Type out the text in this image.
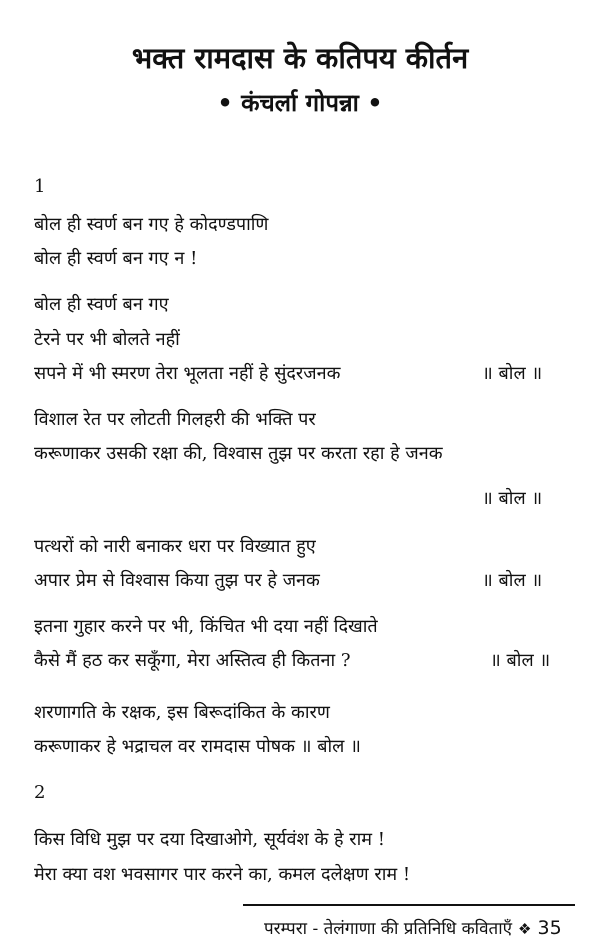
भक्त रामदास के कतिपय कीर्तन
• कंचर्ला गोपन्ना •
1
बोल ही स्वर्ण बन गए हे कोदण्डपाणि
बोल ही स्वर्ण बन गए न !
बोल ही स्वर्ण बन गए
टेरने पर भी बोलते नहीं
सपने में भी स्मरण तेरा भूलता नहीं हे सुंदरजनक	॥ बोल ॥
विशाल रेत पर लोटती गिलहरी की भक्ति पर
करूणाकर उसकी रक्षा की, विश्वास तुझ पर करता रहा हे जनक
॥ बोल ॥
पत्थरों को नारी बनाकर धरा पर विख्यात हुए
अपार प्रेम से विश्वास किया तुझ पर हे जनक	॥ बोल ॥
इतना गुहार करने पर भी, किंचित भी दया नहीं दिखाते
कैसे मैं हठ कर सकूँगा, मेरा अस्तित्व ही कितना ?	॥ बोल ॥
शरणागति के रक्षक, इस बिरूदांकित के कारण
करूणाकर हे भद्राचल वर रामदास पोषक ॥ बोल ॥
2
किस विधि मुझ पर दया दिखाओगे, सूर्यवंश के हे राम !
मेरा क्या वश भवसागर पार करने का, कमल दलेक्षण राम !
परम्परा - तेलंगाणा की प्रतिनिधि कविताएँ ❖ 35
